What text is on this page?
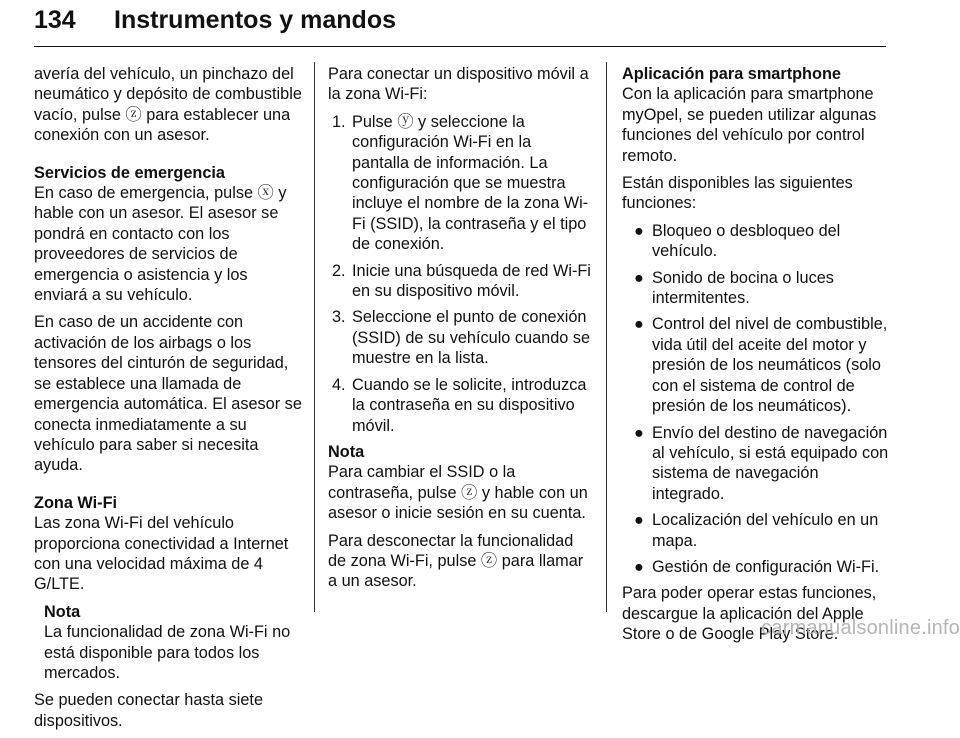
134 Instrumentos y mandos

avería del vehículo, un pinchazo del neumático y depósito de combustible vacío, pulse ⓩ para establecer una conexión con un asesor.

Servicios de emergencia

En caso de emergencia, pulse ⓧ y hable con un asesor. El asesor se pondrá en contacto con los proveedores de servicios de emergencia o asistencia y los enviará a su vehículo.

En caso de un accidente con activación de los airbags o los tensores del cinturón de seguridad, se establece una llamada de emergencia automática. El asesor se conecta inmediatamente a su vehículo para saber si necesita ayuda.

Zona Wi-Fi

Las zona Wi-Fi del vehículo proporciona conectividad a Internet con una velocidad máxima de 4 G/LTE.

Nota

La funcionalidad de zona Wi-Fi no está disponible para todos los mercados.

Se pueden conectar hasta siete dispositivos.

Para conectar un dispositivo móvil a la zona Wi-Fi:

1. Pulse ⓨ y seleccione la configuración Wi-Fi en la pantalla de información. La configuración que se muestra incluye el nombre de la zona Wi-Fi (SSID), la contraseña y el tipo de conexión.
2. Inicie una búsqueda de red Wi-Fi en su dispositivo móvil.
3. Seleccione el punto de conexión (SSID) de su vehículo cuando se muestre en la lista.
4. Cuando se le solicite, introduzca la contraseña en su dispositivo móvil.

Nota

Para cambiar el SSID o la contraseña, pulse ⓩ y hable con un asesor o inicie sesión en su cuenta.

Para desconectar la funcionalidad de zona Wi-Fi, pulse ⓩ para llamar a un asesor.

Aplicación para smartphone

Con la aplicación para smartphone myOpel, se pueden utilizar algunas funciones del vehículo por control remoto.

Están disponibles las siguientes funciones:

● Bloqueo o desbloqueo del vehículo.
● Sonido de bocina o luces intermitentes.
● Control del nivel de combustible, vida útil del aceite del motor y presión de los neumáticos (solo con el sistema de control de presión de los neumáticos).
● Envío del destino de navegación al vehículo, si está equipado con sistema de navegación integrado.
● Localización del vehículo en un mapa.
● Gestión de configuración Wi-Fi.

Para poder operar estas funciones, descargue la aplicación del Apple Store o de Google Play Store.

carmanualsonline.info
